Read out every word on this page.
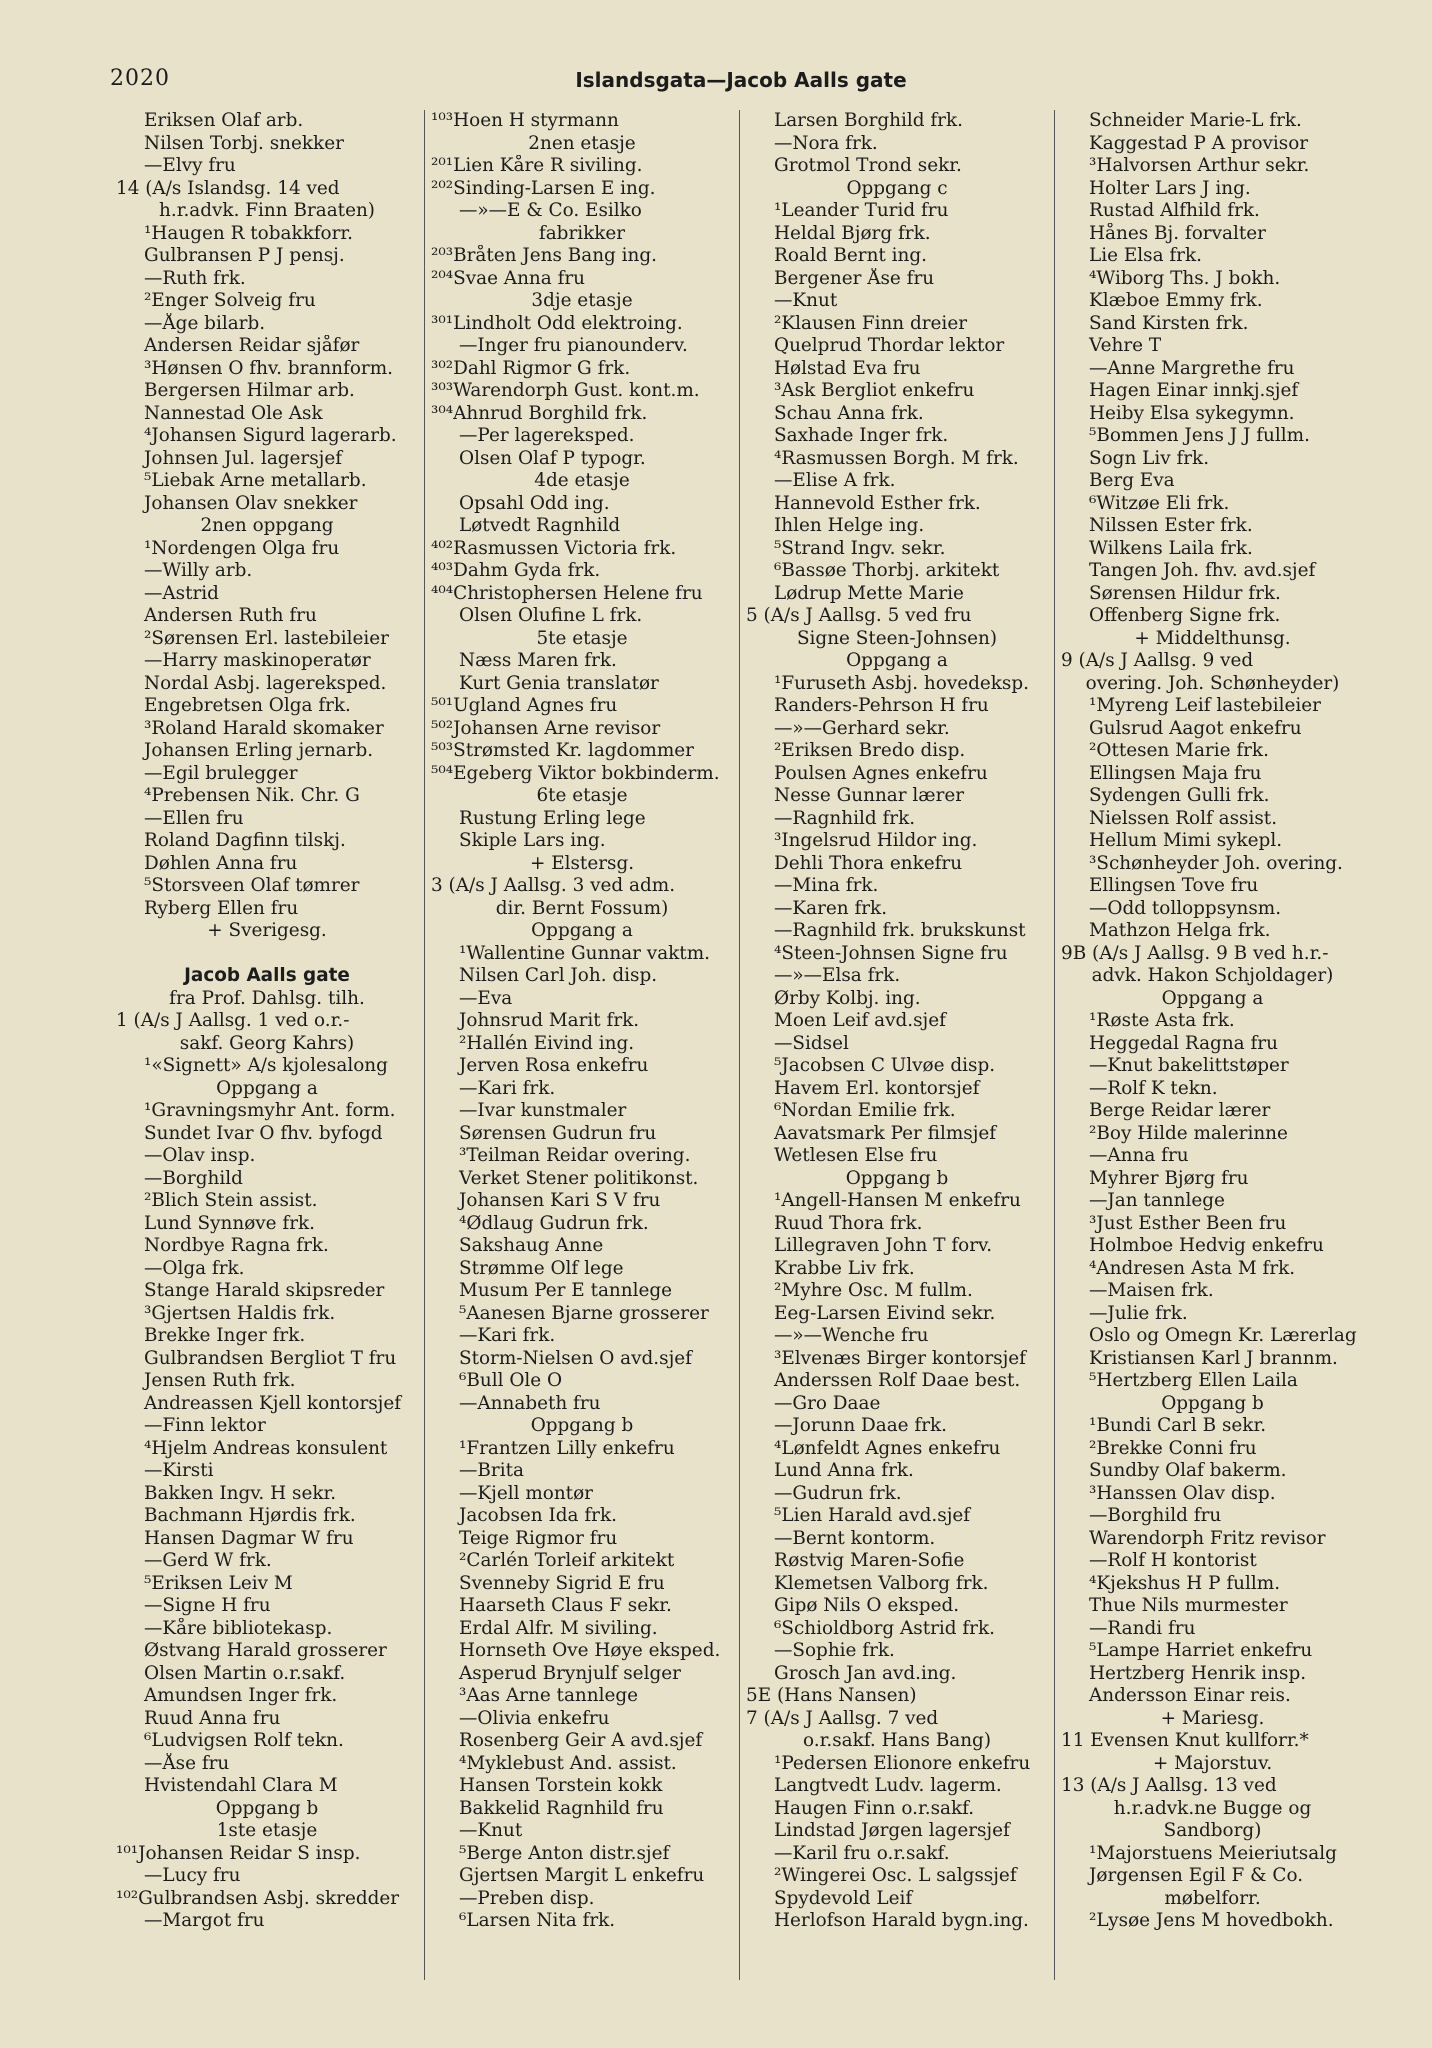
2020	Islandsgata—Jacob Aalls gate
Eriksen Olaf arb.
Nilsen Torbj. snekker
—Elvy fru
14 (A/s Islandsg. 14 ved
h.r.advk. Finn Braaten)
¹Haugen R tobakkforr.
Gulbransen P J pensj.
—Ruth frk.
²Enger Solveig fru
—Åge bilarb.
Andersen Reidar sjåfør
³Hønsen O fhv. brannform.
Bergersen Hilmar arb.
Nannestad Ole Ask
⁴Johansen Sigurd lagerarb.
Johnsen Jul. lagersjef
⁵Liebak Arne metallarb.
Johansen Olav snekker
2nen oppgang
¹Nordengen Olga fru
—Willy arb.
—Astrid
Andersen Ruth fru
²Sørensen Erl. lastebileier
—Harry maskinoperatør
Nordal Asbj. lagereksped.
Engebretsen Olga frk.
³Roland Harald skomaker
Johansen Erling jernarb.
—Egil brulegger
⁴Prebensen Nik. Chr. G
—Ellen fru
Roland Dagfinn tilskj.
Døhlen Anna fru
⁵Storsveen Olaf tømrer
Ryberg Ellen fru
+ Sverigesg.
Jacob Aalls gate
fra Prof. Dahlsg. tilh.
1 (A/s J Aallsg. 1 ved o.r.-
sakf. Georg Kahrs)
¹«Signett» A/s kjolesalong
Oppgang a
¹Gravningsmyhr Ant. form.
Sundet Ivar O fhv. byfogd
—Olav insp.
—Borghild
²Blich Stein assist.
Lund Synnøve frk.
Nordbye Ragna frk.
—Olga frk.
Stange Harald skipsreder
³Gjertsen Haldis frk.
Brekke Inger frk.
Gulbrandsen Bergliot T fru
Jensen Ruth frk.
Andreassen Kjell kontorsjef
—Finn lektor
⁴Hjelm Andreas konsulent
—Kirsti
Bakken Ingv. H sekr.
Bachmann Hjørdis frk.
Hansen Dagmar W fru
—Gerd W frk.
⁵Eriksen Leiv M
—Signe H fru
—Kåre bibliotekasp.
Østvang Harald grosserer
Olsen Martin o.r.sakf.
Amundsen Inger frk.
Ruud Anna fru
⁶Ludvigsen Rolf tekn.
—Åse fru
Hvistendahl Clara M
Oppgang b
1ste etasje
¹⁰¹Johansen Reidar S insp.
—Lucy fru
¹⁰²Gulbrandsen Asbj. skredder
—Margot fru
¹⁰³Hoen H styrmann
2nen etasje
²⁰¹Lien Kåre R siviling.
²⁰²Sinding-Larsen E ing.
—»—E & Co. Esilko
fabrikker
²⁰³Bråten Jens Bang ing.
²⁰⁴Svae Anna fru
3dje etasje
³⁰¹Lindholt Odd elektroing.
—Inger fru pianounderv.
³⁰²Dahl Rigmor G frk.
³⁰³Warendorph Gust. kont.m.
³⁰⁴Ahnrud Borghild frk.
—Per lagereksped.
Olsen Olaf P typogr.
4de etasje
Opsahl Odd ing.
Løtvedt Ragnhild
⁴⁰²Rasmussen Victoria frk.
⁴⁰³Dahm Gyda frk.
⁴⁰⁴Christophersen Helene fru
Olsen Olufine L frk.
5te etasje
Næss Maren frk.
Kurt Genia translatør
⁵⁰¹Ugland Agnes fru
⁵⁰²Johansen Arne revisor
⁵⁰³Strømsted Kr. lagdommer
⁵⁰⁴Egeberg Viktor bokbinderm.
6te etasje
Rustung Erling lege
Skiple Lars ing.
+ Elstersg.
3 (A/s J Aallsg. 3 ved adm.
dir. Bernt Fossum)
Oppgang a
¹Wallentine Gunnar vaktm.
Nilsen Carl Joh. disp.
—Eva
Johnsrud Marit frk.
²Hallén Eivind ing.
Jerven Rosa enkefru
—Kari frk.
—Ivar kunstmaler
Sørensen Gudrun fru
³Teilman Reidar overing.
Verket Stener politikonst.
Johansen Kari S V fru
⁴Ødlaug Gudrun frk.
Sakshaug Anne
Strømme Olf lege
Musum Per E tannlege
⁵Aanesen Bjarne grosserer
—Kari frk.
Storm-Nielsen O avd.sjef
⁶Bull Ole O
—Annabeth fru
Oppgang b
¹Frantzen Lilly enkefru
—Brita
—Kjell montør
Jacobsen Ida frk.
Teige Rigmor fru
²Carlén Torleif arkitekt
Svenneby Sigrid E fru
Haarseth Claus F sekr.
Erdal Alfr. M siviling.
Hornseth Ove Høye eksped.
Asperud Brynjulf selger
³Aas Arne tannlege
—Olivia enkefru
Rosenberg Geir A avd.sjef
⁴Myklebust And. assist.
Hansen Torstein kokk
Bakkelid Ragnhild fru
—Knut
⁵Berge Anton distr.sjef
Gjertsen Margit L enkefru
—Preben disp.
⁶Larsen Nita frk.
Larsen Borghild frk.
—Nora frk.
Grotmol Trond sekr.
Oppgang c
¹Leander Turid fru
Heldal Bjørg frk.
Roald Bernt ing.
Bergener Åse fru
—Knut
²Klausen Finn dreier
Quelprud Thordar lektor
Hølstad Eva fru
³Ask Bergliot enkefru
Schau Anna frk.
Saxhade Inger frk.
⁴Rasmussen Borgh. M frk.
—Elise A frk.
Hannevold Esther frk.
Ihlen Helge ing.
⁵Strand Ingv. sekr.
⁶Bassøe Thorbj. arkitekt
Lødrup Mette Marie
5 (A/s J Aallsg. 5 ved fru
Signe Steen-Johnsen)
Oppgang a
¹Furuseth Asbj. hovedeksp.
Randers-Pehrson H fru
—»—Gerhard sekr.
²Eriksen Bredo disp.
Poulsen Agnes enkefru
Nesse Gunnar lærer
—Ragnhild frk.
³Ingelsrud Hildor ing.
Dehli Thora enkefru
—Mina frk.
—Karen frk.
—Ragnhild frk. brukskunst
⁴Steen-Johnsen Signe fru
—»—Elsa frk.
Ørby Kolbj. ing.
Moen Leif avd.sjef
—Sidsel
⁵Jacobsen C Ulvøe disp.
Havem Erl. kontorsjef
⁶Nordan Emilie frk.
Aavatsmark Per filmsjef
Wetlesen Else fru
Oppgang b
¹Angell-Hansen M enkefru
Ruud Thora frk.
Lillegraven John T forv.
Krabbe Liv frk.
²Myhre Osc. M fullm.
Eeg-Larsen Eivind sekr.
—»—Wenche fru
³Elvenæs Birger kontorsjef
Anderssen Rolf Daae best.
—Gro Daae
—Jorunn Daae frk.
⁴Lønfeldt Agnes enkefru
Lund Anna frk.
—Gudrun frk.
⁵Lien Harald avd.sjef
—Bernt kontorm.
Røstvig Maren-Sofie
Klemetsen Valborg frk.
Gipø Nils O eksped.
⁶Schioldborg Astrid frk.
—Sophie frk.
Grosch Jan avd.ing.
5E (Hans Nansen)
7 (A/s J Aallsg. 7 ved
o.r.sakf. Hans Bang)
¹Pedersen Elionore enkefru
Langtvedt Ludv. lagerm.
Haugen Finn o.r.sakf.
Lindstad Jørgen lagersjef
—Karil fru o.r.sakf.
²Wingerei Osc. L salgssjef
Spydevold Leif
Herlofson Harald bygn.ing.
Schneider Marie-L frk.
Kaggestad P A provisor
³Halvorsen Arthur sekr.
Holter Lars J ing.
Rustad Alfhild frk.
Hånes Bj. forvalter
Lie Elsa frk.
⁴Wiborg Ths. J bokh.
Klæboe Emmy frk.
Sand Kirsten frk.
Vehre T
—Anne Margrethe fru
Hagen Einar innkj.sjef
Heiby Elsa sykegymn.
⁵Bommen Jens J J fullm.
Sogn Liv frk.
Berg Eva
⁶Witzøe Eli frk.
Nilssen Ester frk.
Wilkens Laila frk.
Tangen Joh. fhv. avd.sjef
Sørensen Hildur frk.
Offenberg Signe frk.
+ Middelthunsg.
9 (A/s J Aallsg. 9 ved
overing. Joh. Schønheyder)
¹Myreng Leif lastebileier
Gulsrud Aagot enkefru
²Ottesen Marie frk.
Ellingsen Maja fru
Sydengen Gulli frk.
Nielssen Rolf assist.
Hellum Mimi sykepl.
³Schønheyder Joh. overing.
Ellingsen Tove fru
—Odd tolloppsynsm.
Mathzon Helga frk.
9B (A/s J Aallsg. 9 B ved h.r.-
advk. Hakon Schjoldager)
Oppgang a
¹Røste Asta frk.
Heggedal Ragna fru
—Knut bakelittstøper
—Rolf K tekn.
Berge Reidar lærer
²Boy Hilde malerinne
—Anna fru
Myhrer Bjørg fru
—Jan tannlege
³Just Esther Been fru
Holmboe Hedvig enkefru
⁴Andresen Asta M frk.
—Maisen frk.
—Julie frk.
Oslo og Omegn Kr. Lærerlag
Kristiansen Karl J brannm.
⁵Hertzberg Ellen Laila
Oppgang b
¹Bundi Carl B sekr.
²Brekke Conni fru
Sundby Olaf bakerm.
³Hanssen Olav disp.
—Borghild fru
Warendorph Fritz revisor
—Rolf H kontorist
⁴Kjekshus H P fullm.
Thue Nils murmester
—Randi fru
⁵Lampe Harriet enkefru
Hertzberg Henrik insp.
Andersson Einar reis.
+ Mariesg.
11 Evensen Knut kullforr.*
+ Majorstuv.
13 (A/s J Aallsg. 13 ved
h.r.advk.ne Bugge og
Sandborg)
¹Majorstuens Meieriutsalg
Jørgensen Egil F & Co.
møbelforr.
²Lysøe Jens M hovedbokh.
